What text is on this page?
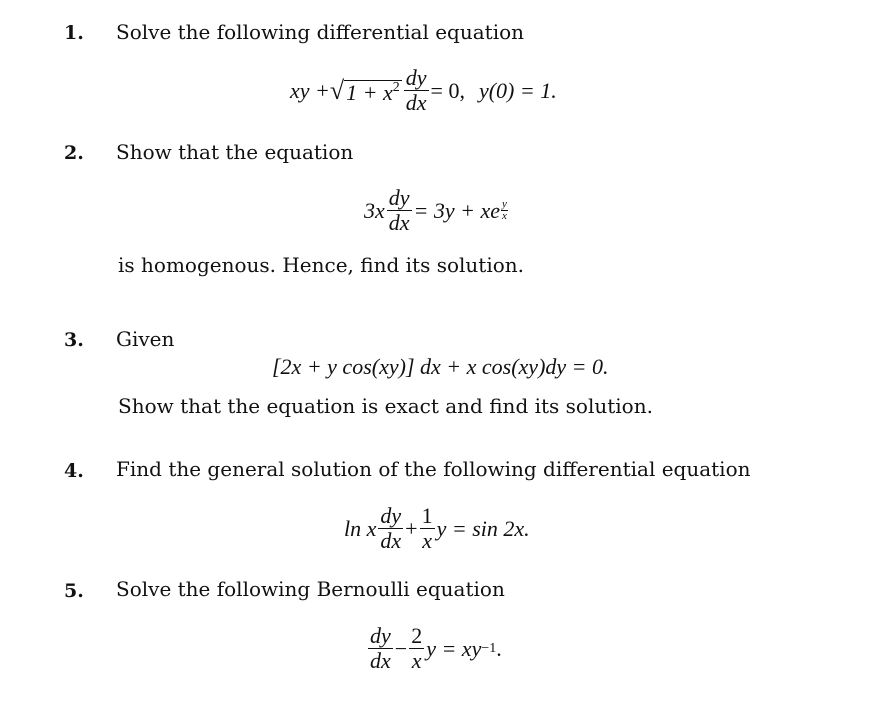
1. Solve the following differential equation
xy + √ $1 + x^2 \frac{dy}{dx} = 0$, y(0) = 1.
2. Show that the equation
$3x \frac{dy}{dx} = 3y$ + xe y
x
is homogenous. Hence, find its solution.
3. Given
[2x + y cos(xy)] dx + x cos(xy)dy = 0.
Show that the equation is exact and find its solution.
4. Find the general solution of the following differential equation
ln x $\frac{dy}{dx} + \frac{1}{x}$ y = sin 2x.
5. Solve the following Bernoulli equation
$\frac{dy}{dx} - \frac{2}{x}$ y = xy −1 .
